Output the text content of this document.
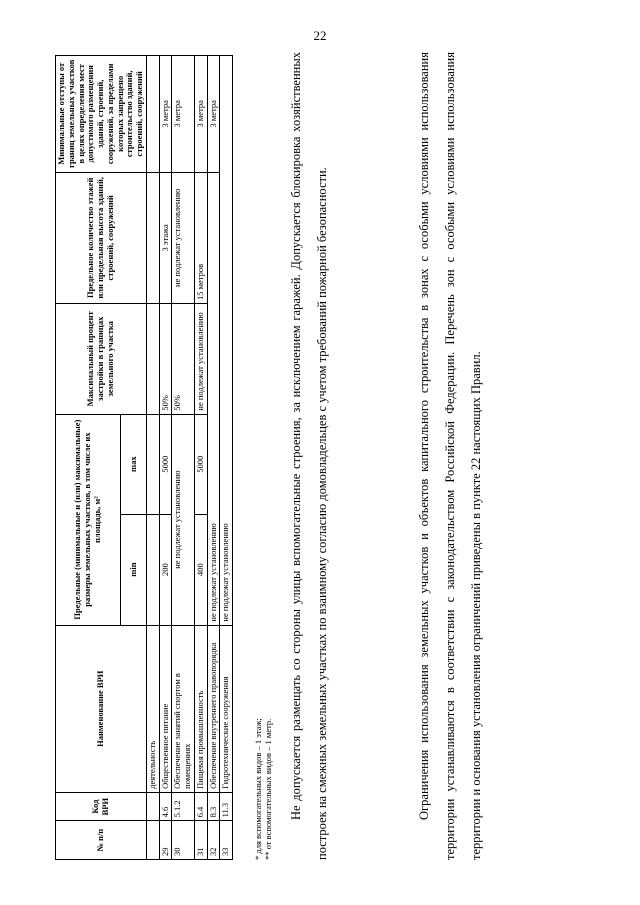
22
№ п/п	Код ВРИ	Наименование ВРИ	Предельные (минимальные и (или) максимальные) размеры земельных участков, в том числе их площадь, м²		Максимальный процент застройки в границах земельного участка	Предельное количество этажей или предельная высота зданий, строений, сооружений	Минимальные отступы от границ земельных участков в целях определения мест допустимого размещения зданий, строений, сооружений, за пределами которых запрещено строительство зданий, строений, сооружений
			min	max			
		деятельность					
29	4.6	Общественное питание	200	5000	50%	3 этажа	3 метра
30	5.1.2	Обеспечение занятий спортом в помещениях	не подлежат установлению		50%	не подлежат установлению	3 метра
31	6.4	Пищевая промышленность	400	5000	не подлежат установлению	15 метров	3 метра
32	8.3	Обеспечение внутреннего правопорядка	не подлежат установлению				3 метра
33	11.3	Гидротехнические сооружения	не подлежат установлению				
* для вспомогательных видов – 1 этаж; ** от вспомогательных видов – 1 метр.	Не допускается размещать со стороны улицы вспомогательные строения, за исключением гаражей. Допускается блокировка хозяйственных построек на смежных земельных участках по взаимному согласию домовладельцев с учетом требований пожарной безопасности.	Ограничения использования земельных участков и объектов капитального строительства в зонах с особыми условиями использования территории устанавливаются в соответствии с законодательством Российской Федерации. Перечень зон с особыми условиями использования территории и основания установления ограничений приведены в пункте 22 настоящих Правил.
